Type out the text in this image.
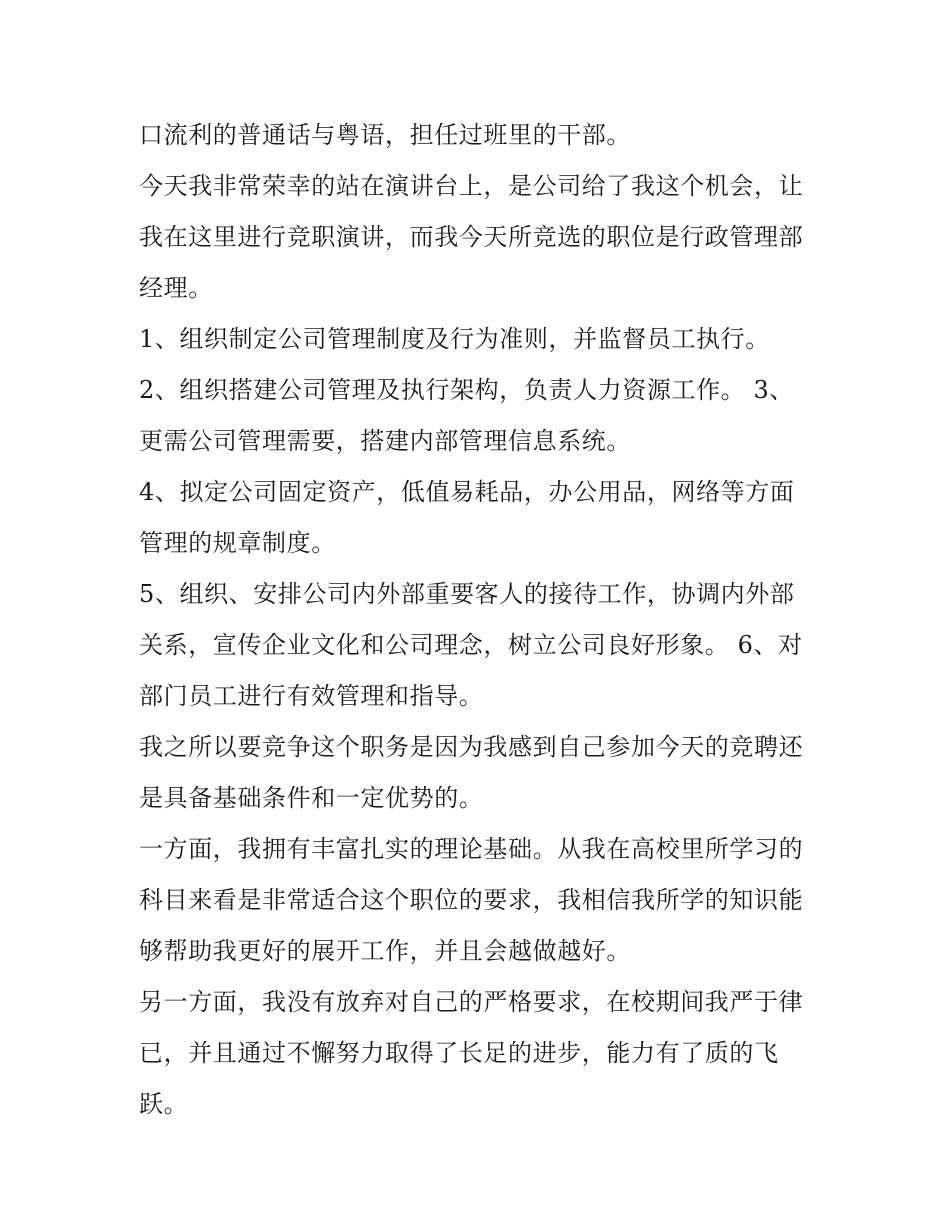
口流利的普通话与粤语，担任过班里的干部。

今天我非常荣幸的站在演讲台上，是公司给了我这个机会，让
我在这里进行竞职演讲，而我今天所竞选的职位是行政管理部
经理。

1、组织制定公司管理制度及行为准则，并监督员工执行。

2、组织搭建公司管理及执行架构，负责人力资源工作。 3、
更需公司管理需要，搭建内部管理信息系统。

4、拟定公司固定资产，低值易耗品，办公用品，网络等方面
管理的规章制度。

5、组织、安排公司内外部重要客人的接待工作，协调内外部
关系，宣传企业文化和公司理念，树立公司良好形象。 6、对
部门员工进行有效管理和指导。

我之所以要竞争这个职务是因为我感到自己参加今天的竞聘还
是具备基础条件和一定优势的。

一方面，我拥有丰富扎实的理论基础。从我在高校里所学习的
科目来看是非常适合这个职位的要求，我相信我所学的知识能
够帮助我更好的展开工作，并且会越做越好。

另一方面，我没有放弃对自己的严格要求，在校期间我严于律
已，并且通过不懈努力取得了长足的进步，能力有了质的飞
跃。
